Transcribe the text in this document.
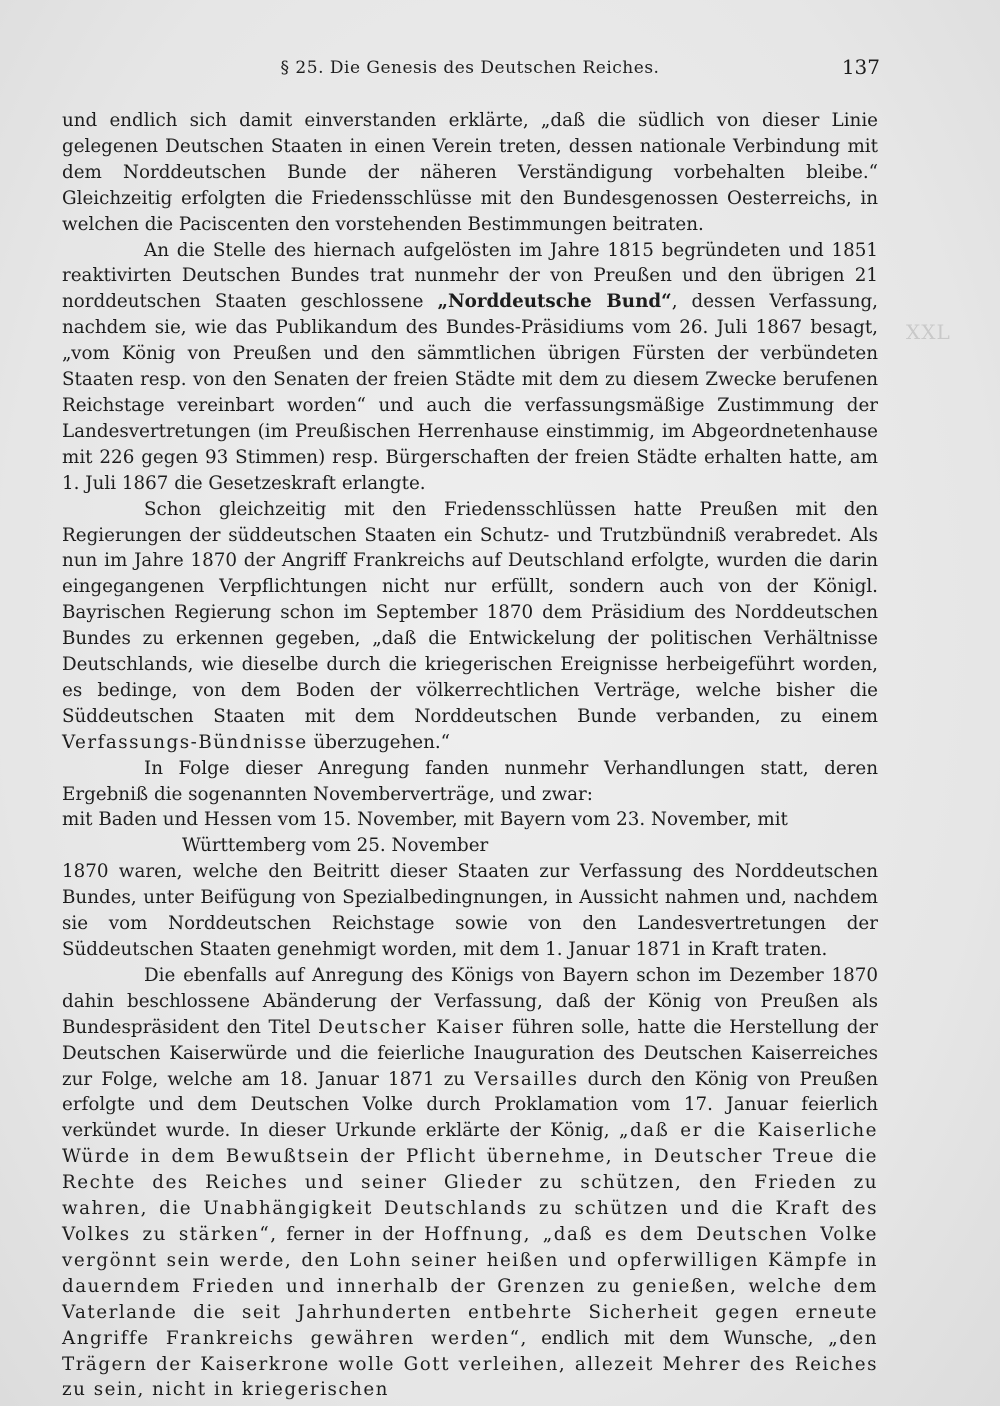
§ 25. Die Genesis des Deutschen Reiches.	137
XXL

und endlich sich damit einverstanden erklärte, „daß die südlich von dieser Linie gelegenen Deutschen Staaten in einen Verein treten, dessen nationale Verbindung mit dem Norddeutschen Bunde der näheren Verständigung vorbehalten bleibe.“ Gleichzeitig erfolgten die Friedensschlüsse mit den Bundesgenossen Oesterreichs, in welchen die Paciscenten den vorstehenden Bestimmungen beitraten.

An die Stelle des hiernach aufgelösten im Jahre 1815 begründeten und 1851 reaktivirten Deutschen Bundes trat nunmehr der von Preußen und den übrigen 21 norddeutschen Staaten geschlossene „Norddeutsche Bund“, dessen Verfassung, nachdem sie, wie das Publikandum des Bundes-Präsidiums vom 26. Juli 1867 besagt, „vom König von Preußen und den sämmtlichen übrigen Fürsten der verbündeten Staaten resp. von den Senaten der freien Städte mit dem zu diesem Zwecke berufenen Reichstage vereinbart worden“ und auch die verfassungsmäßige Zustimmung der Landesvertretungen (im Preußischen Herrenhause einstimmig, im Abgeordnetenhause mit 226 gegen 93 Stimmen) resp. Bürgerschaften der freien Städte erhalten hatte, am 1. Juli 1867 die Gesetzeskraft erlangte.

Schon gleichzeitig mit den Friedensschlüssen hatte Preußen mit den Regierungen der süddeutschen Staaten ein Schutz- und Trutzbündniß verabredet. Als nun im Jahre 1870 der Angriff Frankreichs auf Deutschland erfolgte, wurden die darin eingegangenen Verpflichtungen nicht nur erfüllt, sondern auch von der Königl. Bayrischen Regierung schon im September 1870 dem Präsidium des Norddeutschen Bundes zu erkennen gegeben, „daß die Entwickelung der politischen Verhältnisse Deutschlands, wie dieselbe durch die kriegerischen Ereignisse herbeigeführt worden, es bedinge, von dem Boden der völkerrechtlichen Verträge, welche bisher die Süddeutschen Staaten mit dem Norddeutschen Bunde verbanden, zu einem Verfassungs-Bündnisse überzugehen.“

In Folge dieser Anregung fanden nunmehr Verhandlungen statt, deren Ergebniß die sogenannten Novemberverträge, und zwar:

mit Baden und Hessen vom 15. November, mit Bayern vom 23. November, mit

Württemberg vom 25. November

1870 waren, welche den Beitritt dieser Staaten zur Verfassung des Norddeutschen Bundes, unter Beifügung von Spezialbedingnungen, in Aussicht nahmen und, nachdem sie vom Norddeutschen Reichstage sowie von den Landesvertretungen der Süddeutschen Staaten genehmigt worden, mit dem 1. Januar 1871 in Kraft traten.

Die ebenfalls auf Anregung des Königs von Bayern schon im Dezember 1870 dahin beschlossene Abänderung der Verfassung, daß der König von Preußen als Bundespräsident den Titel Deutscher Kaiser führen solle, hatte die Herstellung der Deutschen Kaiserwürde und die feierliche Inauguration des Deutschen Kaiserreiches zur Folge, welche am 18. Januar 1871 zu Versailles durch den König von Preußen erfolgte und dem Deutschen Volke durch Proklamation vom 17. Januar feierlich verkündet wurde. In dieser Urkunde erklärte der König, „daß er die Kaiserliche Würde in dem Bewußtsein der Pflicht übernehme, in Deutscher Treue die Rechte des Reiches und seiner Glieder zu schützen, den Frieden zu wahren, die Unabhängigkeit Deutschlands zu schützen und die Kraft des Volkes zu stärken“, ferner in der Hoffnung, „daß es dem Deutschen Volke vergönnt sein werde, den Lohn seiner heißen und opferwilligen Kämpfe in dauerndem Frieden und innerhalb der Grenzen zu genießen, welche dem Vaterlande die seit Jahrhunderten entbehrte Sicherheit gegen erneute Angriffe Frankreichs gewähren werden“, endlich mit dem Wunsche, „den Trägern der Kaiserkrone wolle Gott verleihen, allezeit Mehrer des Reiches zu sein, nicht in kriegerischen
